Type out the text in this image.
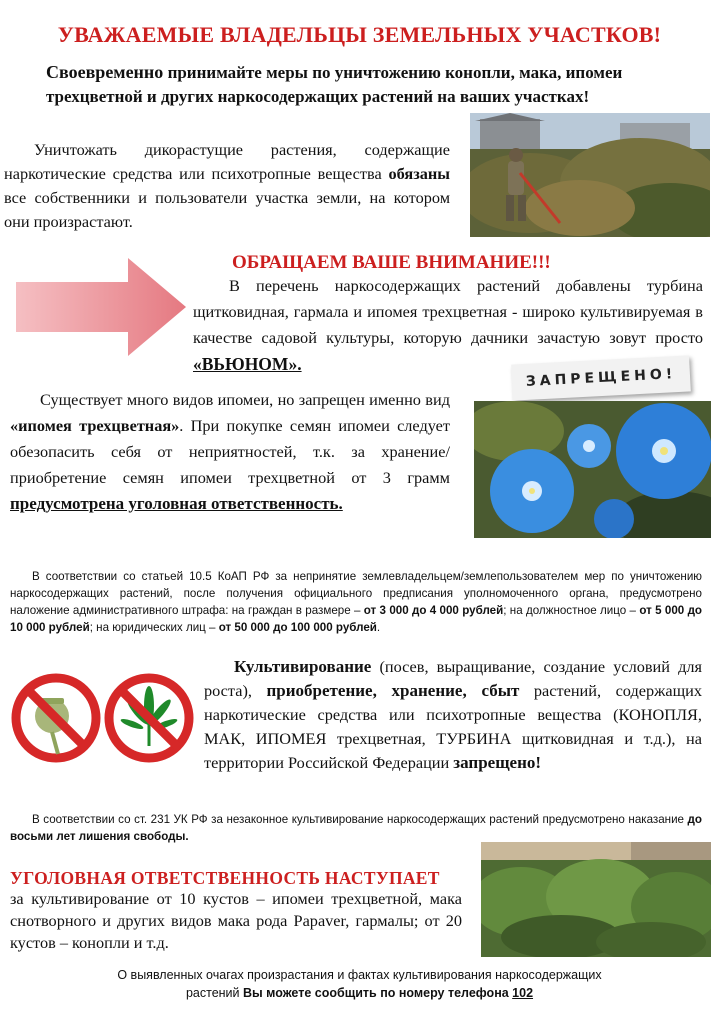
УВАЖАЕМЫЕ ВЛАДЕЛЬЦЫ ЗЕМЕЛЬНЫХ УЧАСТКОВ!
Своевременно принимайте меры по уничтожению конопли, мака, ипомеи трехцветной и других наркосодержащих растений на ваших участках!
Уничтожать дикорастущие растения, содержащие наркотические средства или психотропные вещества обязаны все собственники и пользователи участка земли, на котором они произрастают.
ОБРАЩАЕМ ВАШЕ ВНИМАНИЕ!!!
В перечень наркосодержащих растений добавлены турбина щитковидная, гармала и ипомея трехцветная - широко культивируемая в качестве садовой культуры, которую дачники зачастую зовут просто «ВЬЮНОМ».
ЗАПРЕЩЕНО!
Существует много видов ипомеи, но запрещен именно вид «ипомея трехцветная». При покупке семян ипомеи следует обезопасить себя от неприятностей, т.к. за хранение/приобретение семян ипомеи трехцветной от 3 грамм предусмотрена уголовная ответственность.
В соответствии со статьей 10.5 КоАП РФ за непринятие землевладельцем/землепользователем мер по уничтожению наркосодержащих растений, после получения официального предписания уполномоченного органа, предусмотрено наложение административного штрафа: на граждан в размере – от 3 000 до 4 000 рублей; на должностное лицо – от 5 000 до 10 000 рублей; на юридических лиц – от 50 000 до 100 000 рублей.
Культивирование (посев, выращивание, создание условий для роста), приобретение, хранение, сбыт растений, содержащих наркотические средства или психотропные вещества (КОНОПЛЯ, МАК, ИПОМЕЯ трехцветная, ТУРБИНА щитковидная и т.д.), на территории Российской Федерации запрещено!
В соответствии со ст. 231 УК РФ за незаконное культивирование наркосодержащих растений предусмотрено наказание до восьми лет лишения свободы.
УГОЛОВНАЯ ОТВЕТСТВЕННОСТЬ НАСТУПАЕТ
за культивирование от 10 кустов – ипомеи трехцветной, мака снотворного и других видов мака рода Papaver, гармалы; от 20 кустов – конопли и т.д.
О выявленных очагах произрастания и фактах культивирования наркосодержащих
растений Вы можете сообщить по номеру телефона 102
